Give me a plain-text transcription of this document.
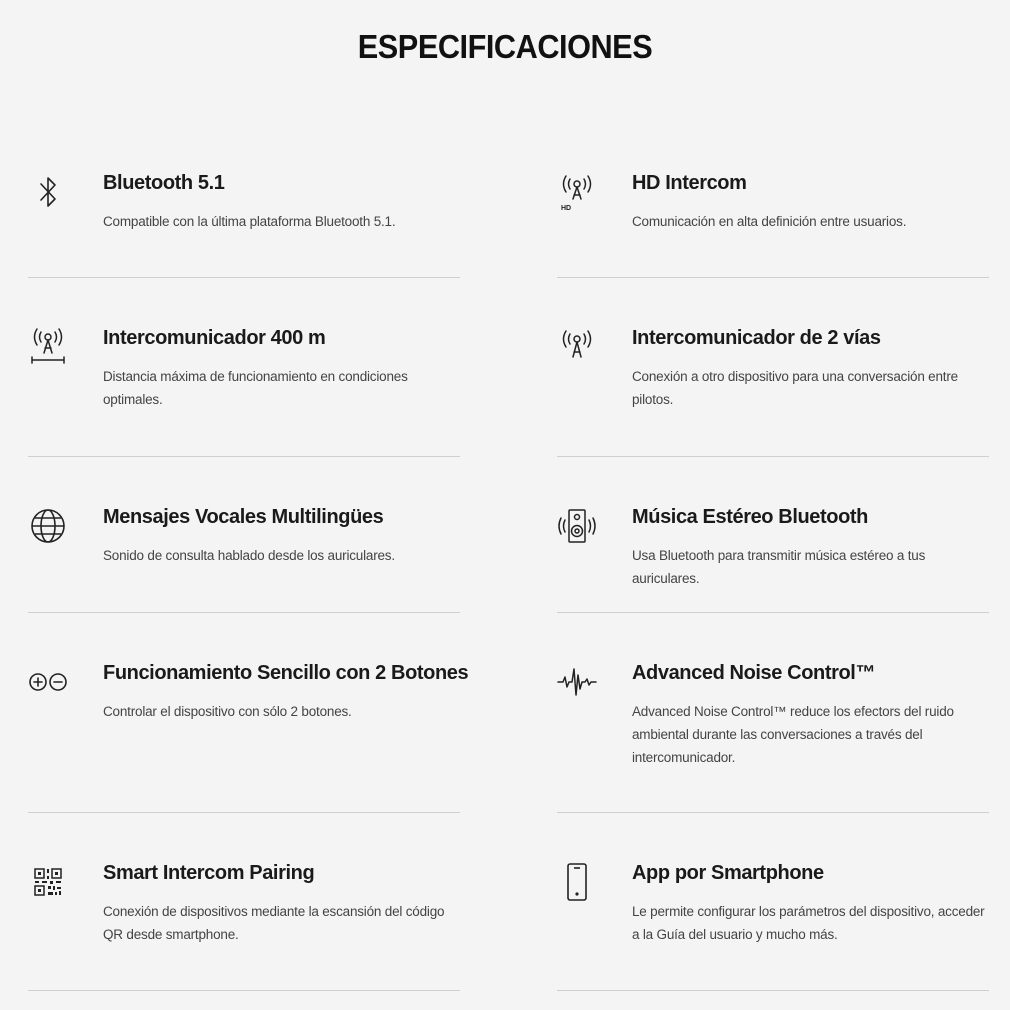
ESPECIFICACIONES
Bluetooth 5.1
Compatible con la última plataforma Bluetooth 5.1.
HD
HD Intercom
Comunicación en alta definición entre usuarios.
Intercomunicador 400 m
Distancia máxima de funcionamiento en condiciones optimales.
Intercomunicador de 2 vías
Conexión a otro dispositivo para una conversación entre pilotos.
Mensajes Vocales Multilingües
Sonido de consulta hablado desde los auriculares.
Música Estéreo Bluetooth
Usa Bluetooth para transmitir música estéreo a tus auriculares.
Funcionamiento Sencillo con 2 Botones
Controlar el dispositivo con sólo 2 botones.
Advanced Noise Control™
Advanced Noise Control™ reduce los efectors del ruido ambiental durante las conversaciones a través del intercomunicador.
Smart Intercom Pairing
Conexión de dispositivos mediante la escansión del código QR desde smartphone.
App por Smartphone
Le permite configurar los parámetros del dispositivo, acceder a la Guía del usuario y mucho más.
